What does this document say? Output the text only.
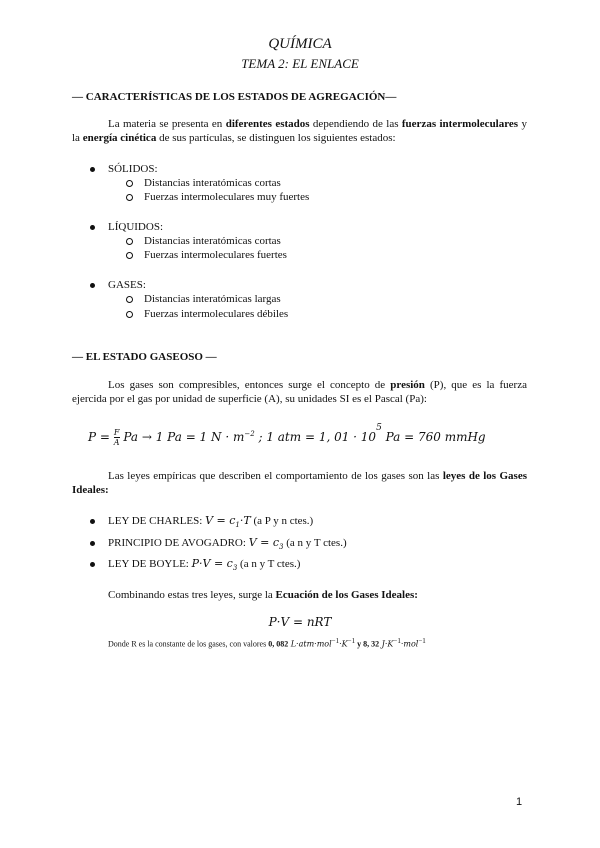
QUÍMICA
TEMA 2: EL ENLACE
— CARACTERÍSTICAS DE LOS ESTADOS DE AGREGACIÓN—
La materia se presenta en diferentes estados dependiendo de las fuerzas intermoleculares y la energía cinética de sus partículas, se distinguen los siguientes estados:
SÓLIDOS:
Distancias interatómicas cortas
Fuerzas intermoleculares muy fuertes
LÍQUIDOS:
Distancias interatómicas cortas
Fuerzas intermoleculares fuertes
GASES:
Distancias interatómicas largas
Fuerzas intermoleculares débiles
— EL ESTADO GASEOSO —
Los gases son compresibles, entonces surge el concepto de presión (P), que es la fuerza ejercida por el gas por unidad de superficie (A), su unidades SI es el Pascal (Pa):
$P = \frac{F}{A}$ Pa → 1 Pa = 1 $N \cdot m^{-2}$ ; 1 atm = 1, $01 \cdot 10^5$ Pa = 760 mmHg
Las leyes empíricas que describen el comportamiento de los gases son las leyes de los Gases Ideales:
LEY DE CHARLES: $V = c_1\cdot T$ (a P y n ctes.)
PRINCIPIO DE AVOGADRO: $V = c_3$ (a n y T ctes.)
LEY DE BOYLE: $P\cdot V = c_3$ (a n y T ctes.)
Combinando estas tres leyes, surge la Ecuación de los Gases Ideales:
P·V = nRT
Donde R es la constante de los gases, con valores 0, 082 $L\cdot atm\cdot mol^{-1}\cdot K^{-1}$ y 8, 32 $J\cdot K^{-1}\cdot mol^{-1}$
1
